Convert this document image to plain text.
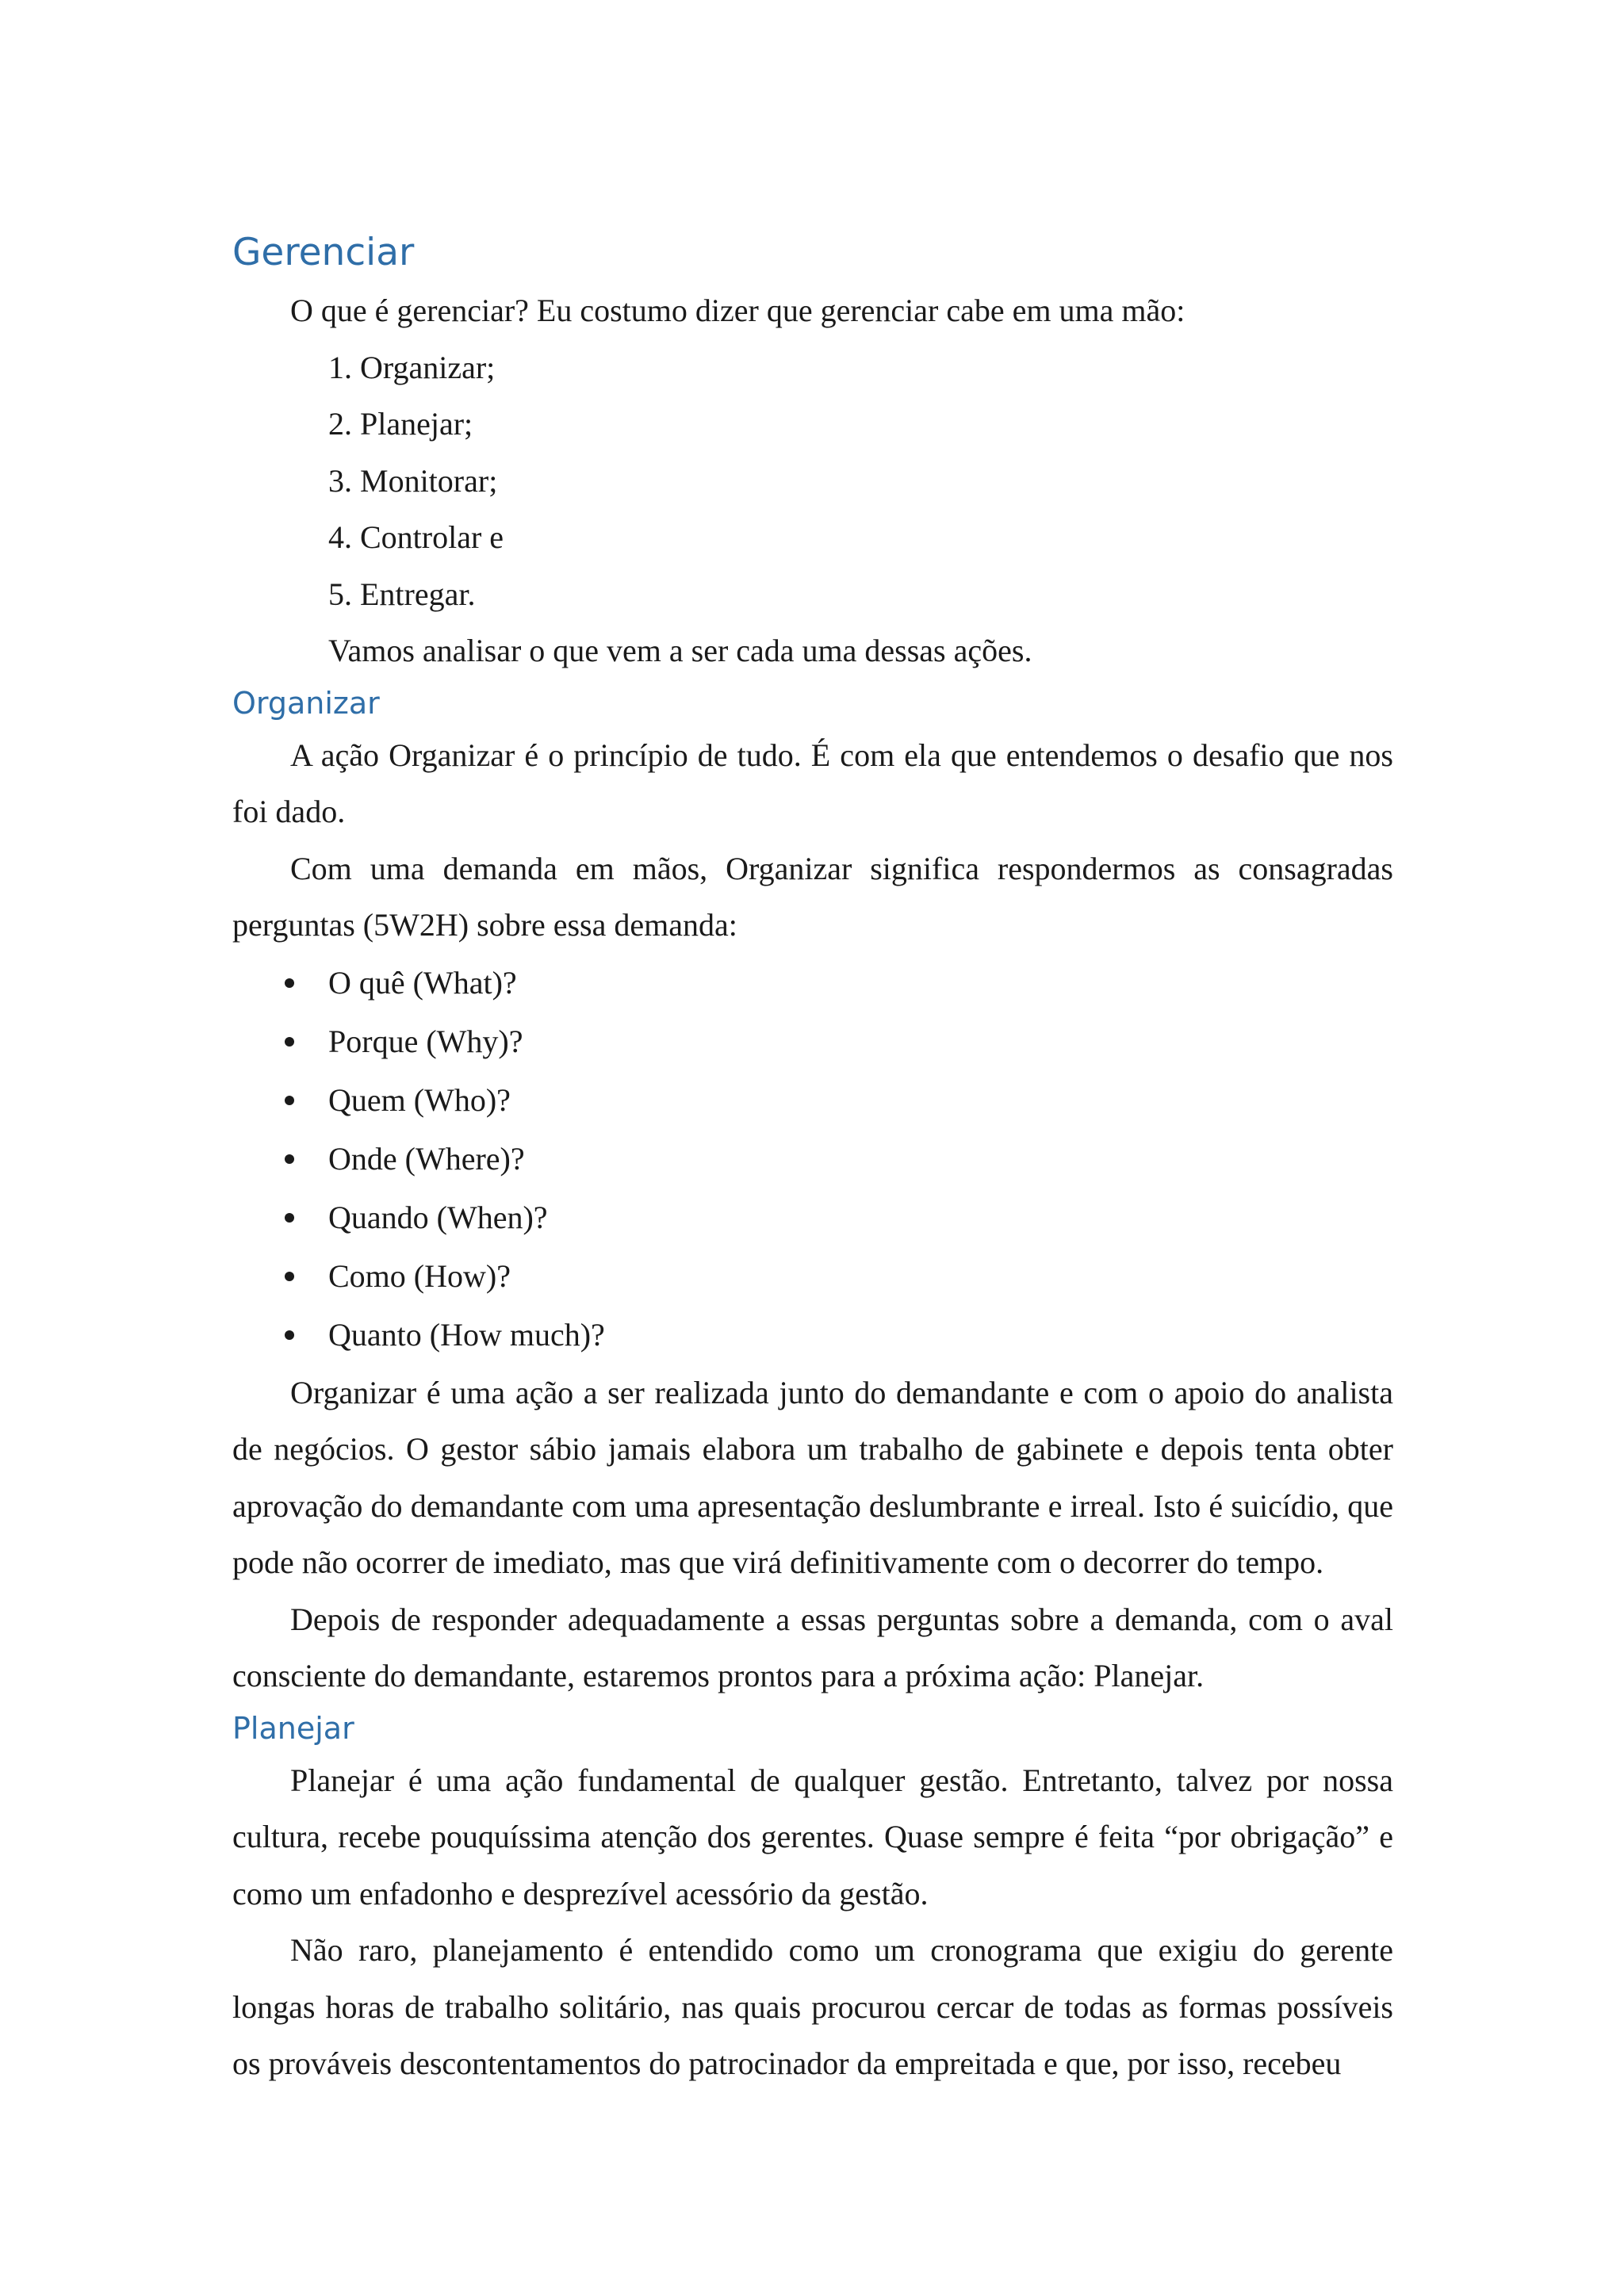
Gerenciar

O que é gerenciar? Eu costumo dizer que gerenciar cabe em uma mão:

1. Organizar;

2. Planejar;

3. Monitorar;

4. Controlar e

5. Entregar.

Vamos analisar o que vem a ser cada uma dessas ações.

Organizar

A ação Organizar é o princípio de tudo. É com ela que entendemos o desafio que nos foi dado.

Com uma demanda em mãos, Organizar significa respondermos as consagradas perguntas (5W2H) sobre essa demanda:

O quê (What)?
Porque (Why)?
Quem (Who)?
Onde (Where)?
Quando (When)?
Como (How)?
Quanto (How much)?

Organizar é uma ação a ser realizada junto do demandante e com o apoio do analista de negócios. O gestor sábio jamais elabora um trabalho de gabinete e depois tenta obter aprovação do demandante com uma apresentação deslumbrante e irreal. Isto é suicídio, que pode não ocorrer de imediato, mas que virá definitivamente com o decorrer do tempo.

Depois de responder adequadamente a essas perguntas sobre a demanda, com o aval consciente do demandante, estaremos prontos para a próxima ação: Planejar.

Planejar

Planejar é uma ação fundamental de qualquer gestão. Entretanto, talvez por nossa cultura, recebe pouquíssima atenção dos gerentes. Quase sempre é feita “por obrigação” e como um enfadonho e desprezível acessório da gestão.

Não raro, planejamento é entendido como um cronograma que exigiu do gerente longas horas de trabalho solitário, nas quais procurou cercar de todas as formas possíveis os prováveis descontentamentos do patrocinador da empreitada e que, por isso, recebeu
